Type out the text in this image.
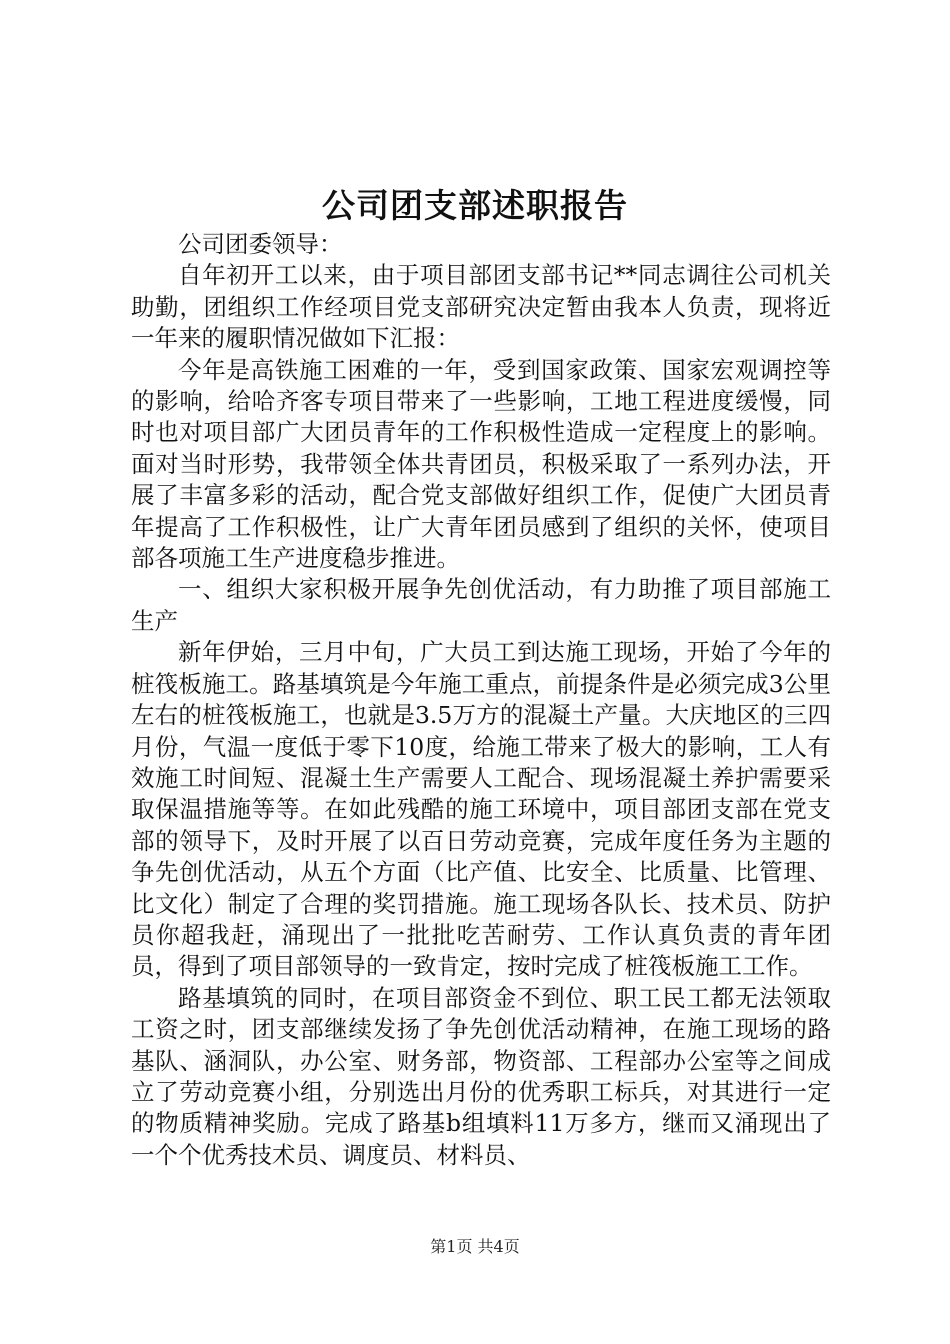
公司团支部述职报告

公司团委领导：

自年初开工以来，由于项目部团支部书记**同志调往公司机关助勤，团组织工作经项目党支部研究决定暂由我本人负责，现将近一年来的履职情况做如下汇报：

今年是高铁施工困难的一年，受到国家政策、国家宏观调控等的影响，给哈齐客专项目带来了一些影响，工地工程进度缓慢，同时也对项目部广大团员青年的工作积极性造成一定程度上的影响。面对当时形势，我带领全体共青团员，积极采取了一系列办法，开展了丰富多彩的活动，配合党支部做好组织工作，促使广大团员青年提高了工作积极性，让广大青年团员感到了组织的关怀，使项目部各项施工生产进度稳步推进。

一、组织大家积极开展争先创优活动，有力助推了项目部施工生产

新年伊始，三月中旬，广大员工到达施工现场，开始了今年的桩筏板施工。路基填筑是今年施工重点，前提条件是必须完成3公里左右的桩筏板施工，也就是3.5万方的混凝土产量。大庆地区的三四月份，气温一度低于零下10度，给施工带来了极大的影响，工人有效施工时间短、混凝土生产需要人工配合、现场混凝土养护需要采取保温措施等等。在如此残酷的施工环境中，项目部团支部在党支部的领导下，及时开展了以百日劳动竞赛，完成年度任务为主题的争先创优活动，从五个方面（比产值、比安全、比质量、比管理、比文化）制定了合理的奖罚措施。施工现场各队长、技术员、防护员你超我赶，涌现出了一批批吃苦耐劳、工作认真负责的青年团员，得到了项目部领导的一致肯定，按时完成了桩筏板施工工作。

路基填筑的同时，在项目部资金不到位、职工民工都无法领取工资之时，团支部继续发扬了争先创优活动精神，在施工现场的路基队、涵洞队，办公室、财务部，物资部、工程部办公室等之间成立了劳动竞赛小组，分别选出月份的优秀职工标兵，对其进行一定的物质精神奖励。完成了路基b组填料11万多方，继而又涌现出了一个个优秀技术员、调度员、材料员、

第1页 共4页
